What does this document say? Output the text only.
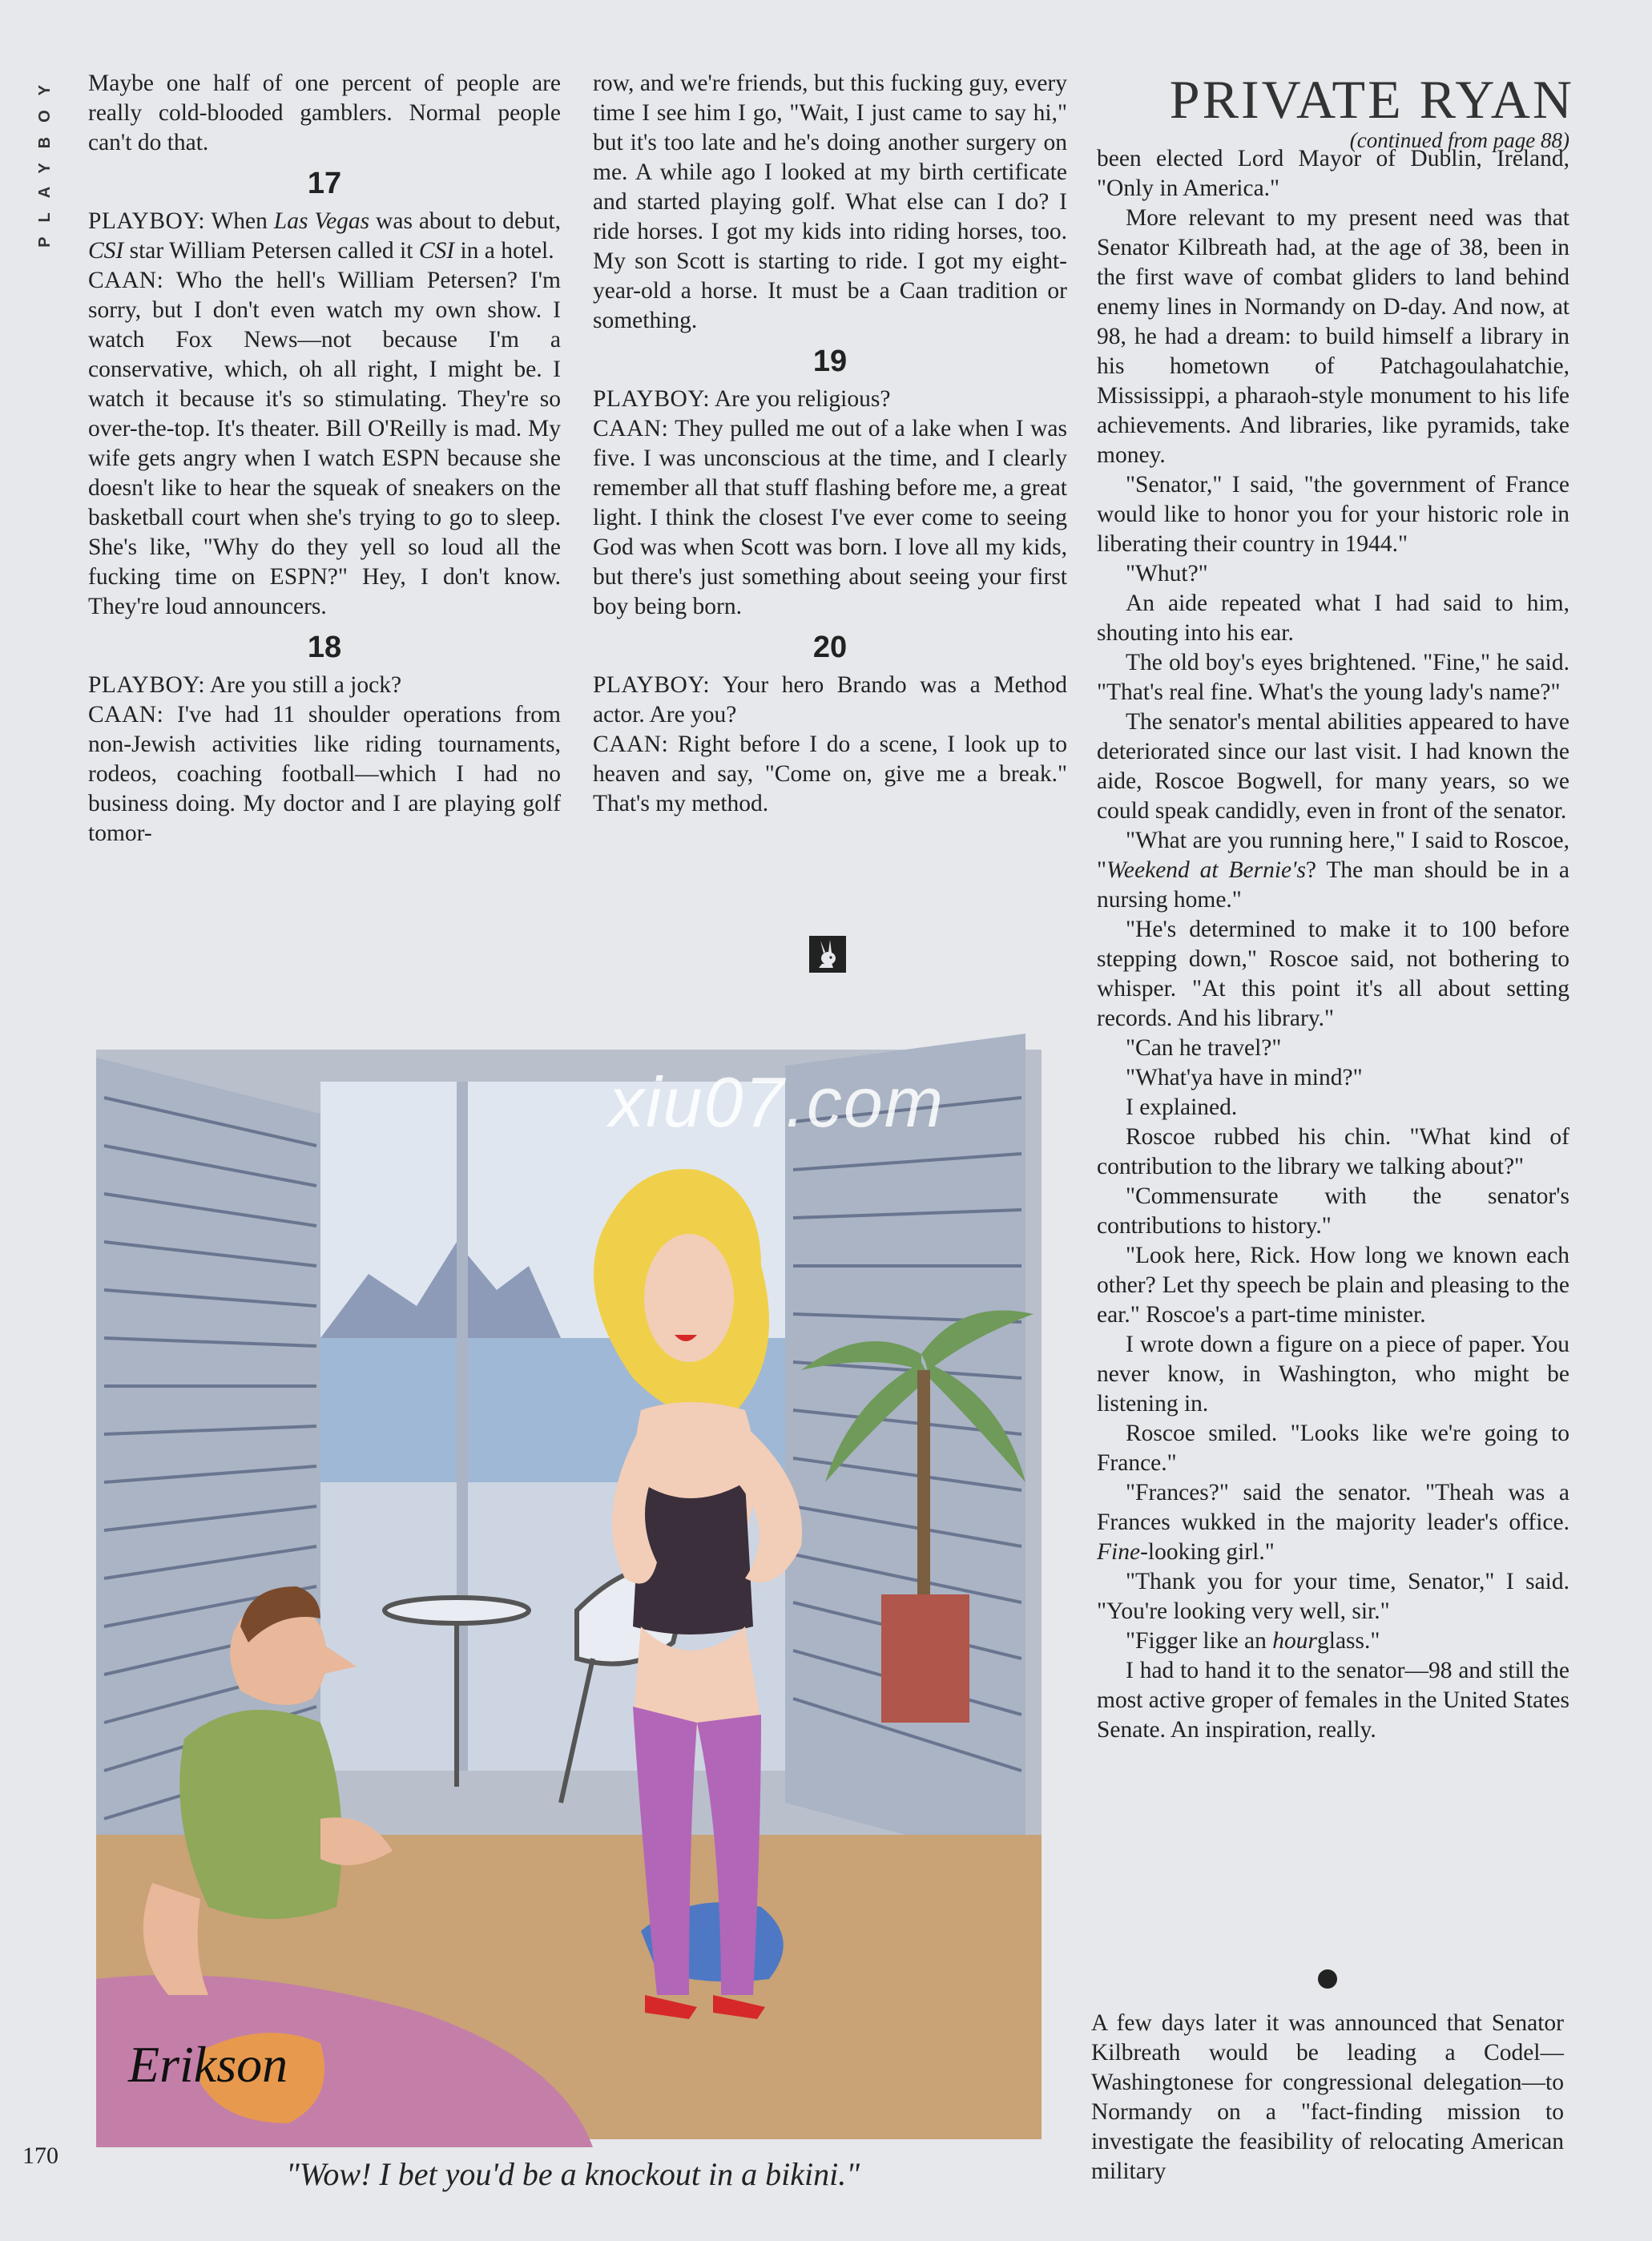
PLAYBOY Maybe one half of one percent of people are really cold-blooded gamblers. Normal people can't do that.

17

PLAYBOY: When Las Vegas was about to debut, CSI star William Petersen called it CSI in a hotel.

CAAN: Who the hell's William Petersen? I'm sorry, but I don't even watch my own show. I watch Fox News—not because I'm a conservative, which, oh all right, I might be. I watch it because it's so stimulating. They're so over-the-top. It's theater. Bill O'Reilly is mad. My wife gets angry when I watch ESPN because she doesn't like to hear the squeak of sneakers on the basketball court when she's trying to go to sleep. She's like, "Why do they yell so loud all the fucking time on ESPN?" Hey, I don't know. They're loud announcers.

18

PLAYBOY: Are you still a jock?

CAAN: I've had 11 shoulder operations from non-Jewish activities like riding tournaments, rodeos, coaching football—which I had no business doing. My doctor and I are playing golf tomor-

row, and we're friends, but this fucking guy, every time I see him I go, "Wait, I just came to say hi," but it's too late and he's doing another surgery on me. A while ago I looked at my birth certificate and started playing golf. What else can I do? I ride horses. I got my kids into riding horses, too. My son Scott is starting to ride. I got my eight-year-old a horse. It must be a Caan tradition or something.

19

PLAYBOY: Are you religious?

CAAN: They pulled me out of a lake when I was five. I was unconscious at the time, and I clearly remember all that stuff flashing before me, a great light. I think the closest I've ever come to seeing God was when Scott was born. I love all my kids, but there's just something about seeing your first boy being born.

20

PLAYBOY: Your hero Brando was a Method actor. Are you?

CAAN: Right before I do a scene, I look up to heaven and say, "Come on, give me a break." That's my method.

PRIVATE RYAN
(continued from page 88)

been elected Lord Mayor of Dublin, Ireland, "Only in America."

More relevant to my present need was that Senator Kilbreath had, at the age of 38, been in the first wave of combat gliders to land behind enemy lines in Normandy on D-day. And now, at 98, he had a dream: to build himself a library in his hometown of Patchagoulahatchie, Mississippi, a pharaoh-style monument to his life achievements. And libraries, like pyramids, take money.

"Senator," I said, "the government of France would like to honor you for your historic role in liberating their country in 1944."

"Whut?"

An aide repeated what I had said to him, shouting into his ear.

The old boy's eyes brightened. "Fine," he said. "That's real fine. What's the young lady's name?"

The senator's mental abilities appeared to have deteriorated since our last visit. I had known the aide, Roscoe Bogwell, for many years, so we could speak candidly, even in front of the senator.

"What are you running here," I said to Roscoe, "Weekend at Bernie's? The man should be in a nursing home."

"He's determined to make it to 100 before stepping down," Roscoe said, not bothering to whisper. "At this point it's all about setting records. And his library."

"Can he travel?"

"What'ya have in mind?"

I explained.

Roscoe rubbed his chin. "What kind of contribution to the library we talking about?"

"Commensurate with the senator's contributions to history."

"Look here, Rick. How long we known each other? Let thy speech be plain and pleasing to the ear." Roscoe's a part-time minister.

I wrote down a figure on a piece of paper. You never know, in Washington, who might be listening in.

Roscoe smiled. "Looks like we're going to France."

"Frances?" said the senator. "Theah was a Frances wukked in the majority leader's office. Fine-looking girl."

"Thank you for your time, Senator," I said. "You're looking very well, sir."

"Figger like an hourglass."

I had to hand it to the senator—98 and still the most active groper of females in the United States Senate. An inspiration, really.

A few days later it was announced that Senator Kilbreath would be leading a Codel—Washingtonese for congressional delegation—to Normandy on a "fact-finding mission to investigate the feasibility of relocating American military

xiu07.com
Erikson
"Wow! I bet you'd be a knockout in a bikini."
170
